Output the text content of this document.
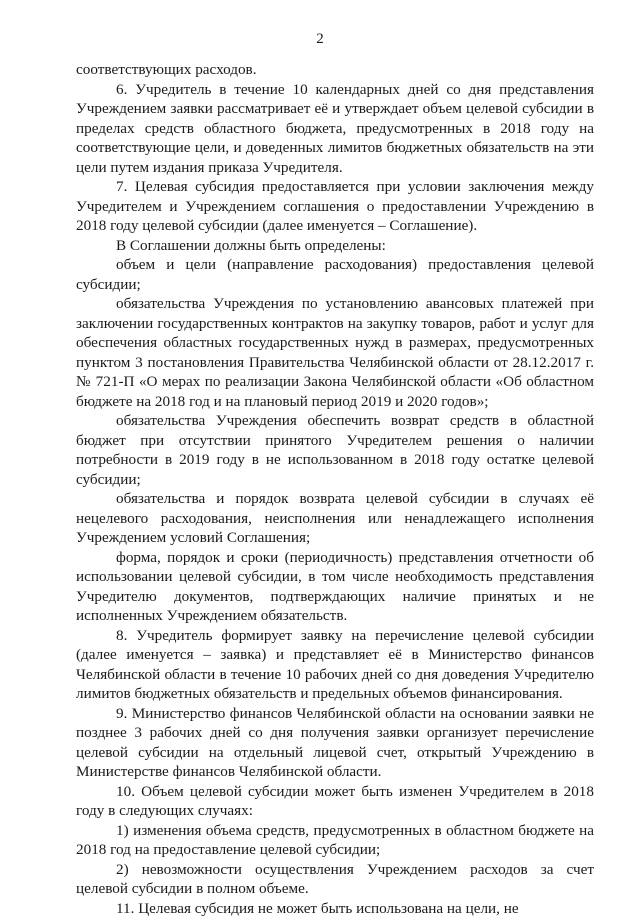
2

соответствующих расходов.

6. Учредитель в течение 10 календарных дней со дня представления Учреждением заявки рассматривает её и утверждает объем целевой субсидии в пределах средств областного бюджета, предусмотренных в 2018 году на соответствующие цели, и доведенных лимитов бюджетных обязательств на эти цели путем издания приказа Учредителя.

7. Целевая субсидия предоставляется при условии заключения между Учредителем и Учреждением соглашения о предоставлении Учреждению в 2018 году целевой субсидии (далее именуется – Соглашение).

В Соглашении должны быть определены:

объем и цели (направление расходования) предоставления целевой субсидии;

обязательства Учреждения по установлению авансовых платежей при заключении государственных контрактов на закупку товаров, работ и услуг для обеспечения областных государственных нужд в размерах, предусмотренных пунктом 3 постановления Правительства Челябинской области от 28.12.2017 г. № 721-П «О мерах по реализации Закона Челябинской области «Об областном бюджете на 2018 год и на плановый период 2019 и 2020 годов»;

обязательства Учреждения обеспечить возврат средств в областной бюджет при отсутствии принятого Учредителем решения о наличии потребности в 2019 году в не использованном в 2018 году остатке целевой субсидии;

обязательства и порядок возврата целевой субсидии в случаях её нецелевого расходования, неисполнения или ненадлежащего исполнения Учреждением условий Соглашения;

форма, порядок и сроки (периодичность) представления отчетности об использовании целевой субсидии, в том числе необходимость представления Учредителю документов, подтверждающих наличие принятых и не исполненных Учреждением обязательств.

8. Учредитель формирует заявку на перечисление целевой субсидии (далее именуется – заявка) и представляет её в Министерство финансов Челябинской области в течение 10 рабочих дней со дня доведения Учредителю лимитов бюджетных обязательств и предельных объемов финансирования.

9. Министерство финансов Челябинской области на основании заявки не позднее 3 рабочих дней со дня получения заявки организует перечисление целевой субсидии на отдельный лицевой счет, открытый Учреждению в Министерстве финансов Челябинской области.

10. Объем целевой субсидии может быть изменен Учредителем в 2018 году в следующих случаях:

1) изменения объема средств, предусмотренных в областном бюджете на 2018 год на предоставление целевой субсидии;

2) невозможности осуществления Учреждением расходов за счет целевой субсидии в полном объеме.

11. Целевая субсидия не может быть использована на цели, не
